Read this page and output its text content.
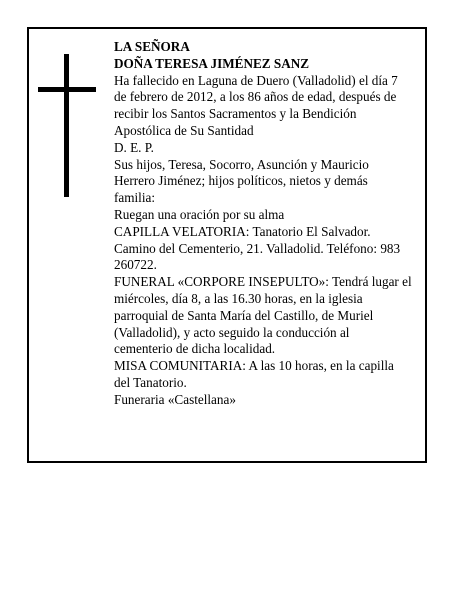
LA SEÑORA
DOÑA TERESA JIMÉNEZ SANZ
Ha fallecido en Laguna de Duero (Valladolid) el día 7
de febrero de 2012, a los 86 años de edad, después de
recibir los Santos Sacramentos y la Bendición
Apostólica de Su Santidad
D. E. P.
Sus hijos, Teresa, Socorro, Asunción y Mauricio
Herrero Jiménez; hijos políticos, nietos y demás
familia:
Ruegan una oración por su alma
CAPILLA VELATORIA: Tanatorio El Salvador.
Camino del Cementerio, 21. Valladolid. Teléfono: 983
260722.
FUNERAL «CORPORE INSEPULTO»: Tendrá lugar el
miércoles, día 8, a las 16.30 horas, en la iglesia
parroquial de Santa María del Castillo, de Muriel
(Valladolid), y acto seguido la conducción al
cementerio de dicha localidad.
MISA COMUNITARIA: A las 10 horas, en la capilla
del Tanatorio.
Funeraria «Castellana»
